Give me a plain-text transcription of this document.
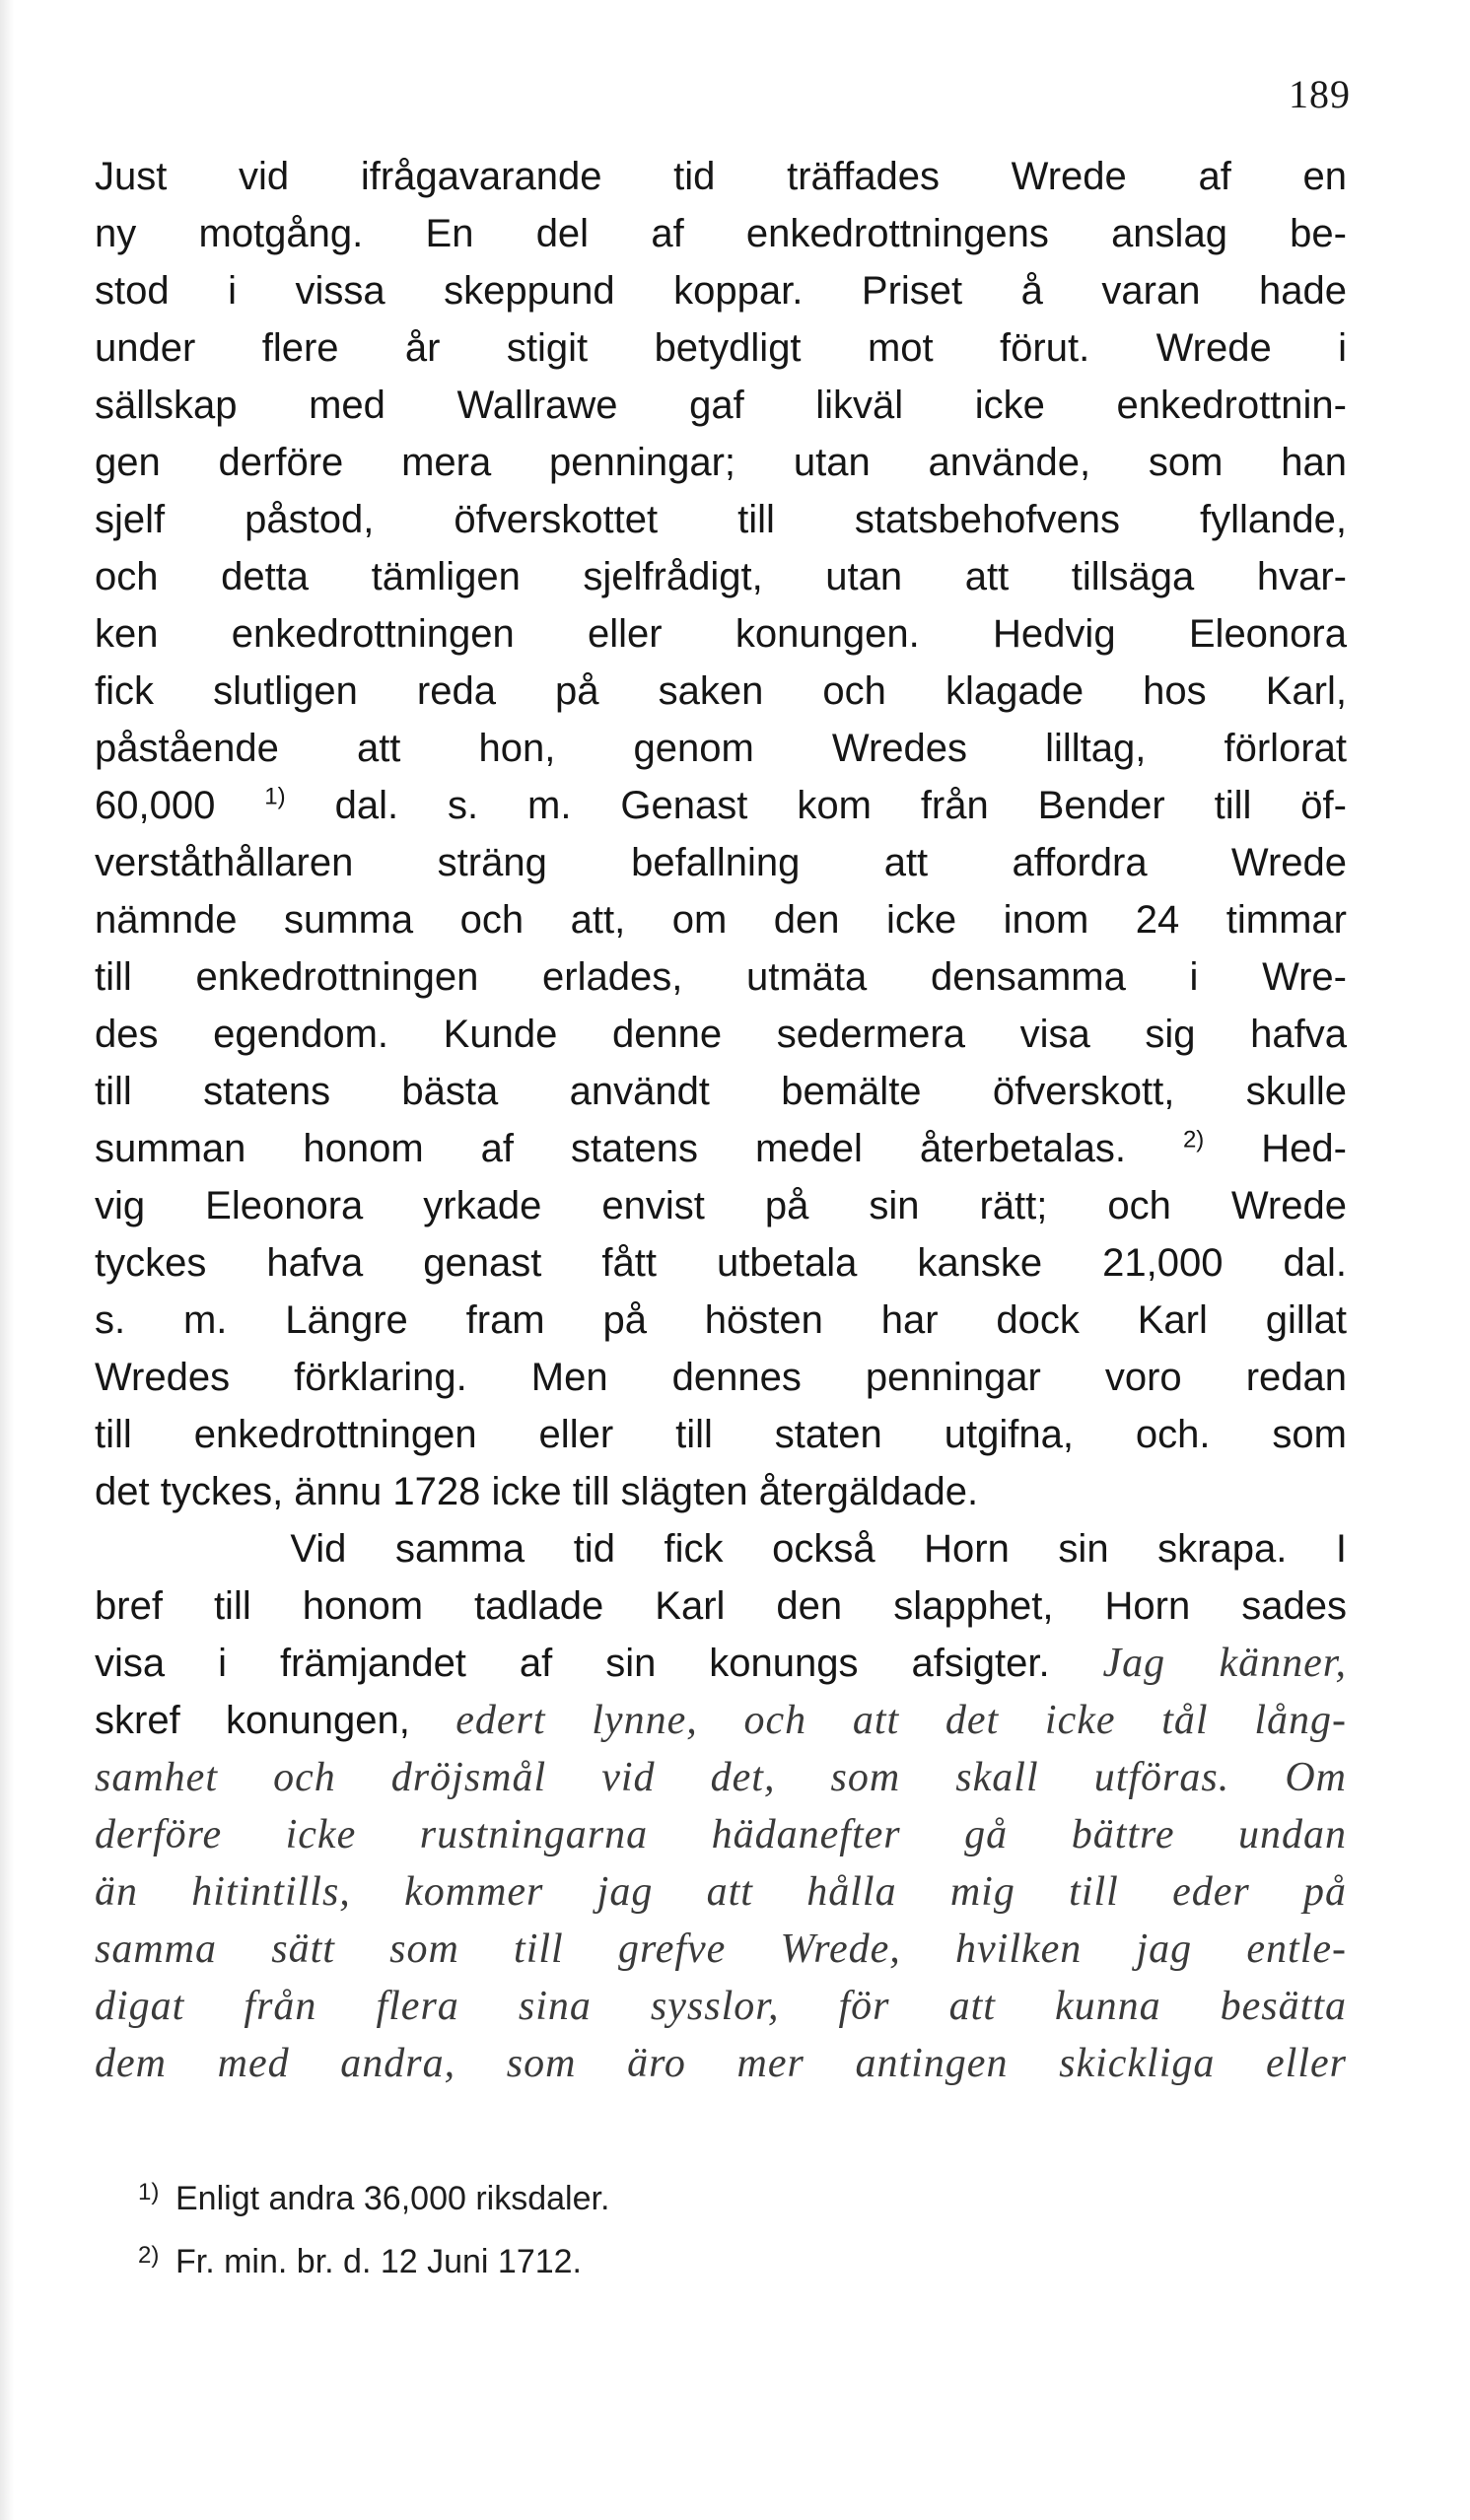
189
Just vid ifrågavarande tid träffades Wrede af en
ny motgång. En del af enkedrottningens anslag be-
stod i vissa skeppund koppar. Priset å varan hade
under flere år stigit betydligt mot förut. Wrede i
sällskap med Wallrawe gaf likväl icke enkedrottnin-
gen derföre mera penningar; utan använde, som han
sjelf påstod, öfverskottet till statsbehofvens fyllande,
och detta tämligen sjelfrådigt, utan att tillsäga hvar-
ken enkedrottningen eller konungen. Hedvig Eleonora
fick slutligen reda på saken och klagade hos Karl,
påstående att hon, genom Wredes lilltag, förlorat
60,000 $^{1)}$ dal. s. m. Genast kom från Bender till öf-
verståthållaren sträng befallning att affordra Wrede
nämnde summa och att, om den icke inom 24 timmar
till enkedrottningen erlades, utmäta densamma i Wre-
des egendom. Kunde denne sedermera visa sig hafva
till statens bästa användt bemälte öfverskott, skulle
summan honom af statens medel återbetalas. $^{2)}$ Hed-
vig Eleonora yrkade envist på sin rätt; och Wrede
tyckes hafva genast fått utbetala kanske 21,000 dal.
s. m. Längre fram på hösten har dock Karl gillat
Wredes förklaring. Men dennes penningar voro redan
till enkedrottningen eller till staten utgifna, och. som
det tyckes, ännu 1728 icke till slägten återgäldade.
Vid samma tid fick också Horn sin skrapa. I
bref till honom tadlade Karl den slapphet, Horn sades
visa i främjandet af sin konungs afsigter. Jag känner,
skref konungen, edert lynne, och att det icke tål lång-
samhet och dröjsmål vid det, som skall utföras. Om
derföre icke rustningarna hädanefter gå bättre undan
än hitintills, kommer jag att hålla mig till eder på
samma sätt som till grefve Wrede, hvilken jag entle-
digat från flera sina sysslor, för att kunna besätta
dem med andra, som äro mer antingen skickliga eller
1) Enligt andra 36,000 riksdaler.
2) Fr. min. br. d. 12 Juni 1712.
